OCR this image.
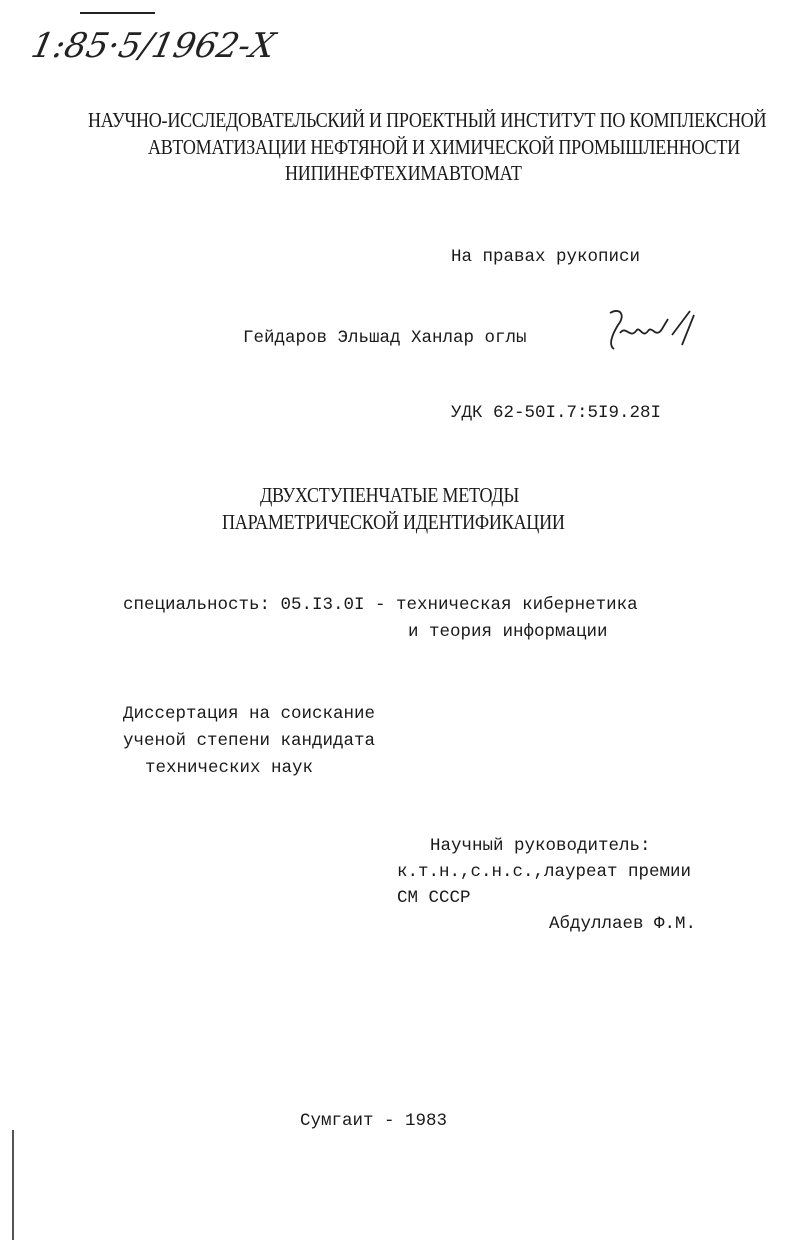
1:85·5/1962-Х
НАУЧНО-ИССЛЕДОВАТЕЛЬСКИЙ И ПРОЕКТНЫЙ ИНСТИТУТ ПО КОМПЛЕКСНОЙ
АВТОМАТИЗАЦИИ НЕФТЯНОЙ И ХИМИЧЕСКОЙ ПРОМЫШЛЕННОСТИ
НИПИНЕФТЕХИМАВТОМАТ
На правах рукописи
Гейдаров Эльшад Ханлар оглы
УДК 62-50I.7:5I9.28I
ДВУХСТУПЕНЧАТЫЕ МЕТОДЫ
ПАРАМЕТРИЧЕСКОЙ ИДЕНТИФИКАЦИИ
специальность: 05.I3.0I - техническая кибернетика
и теория информации
Диссертация на соискание
ученой степени кандидата
технических наук
Научный руководитель:
к.т.н.,с.н.с.,лауреат премии
СМ СССР
Абдуллаев Ф.М.
Сумгаит - 1983
